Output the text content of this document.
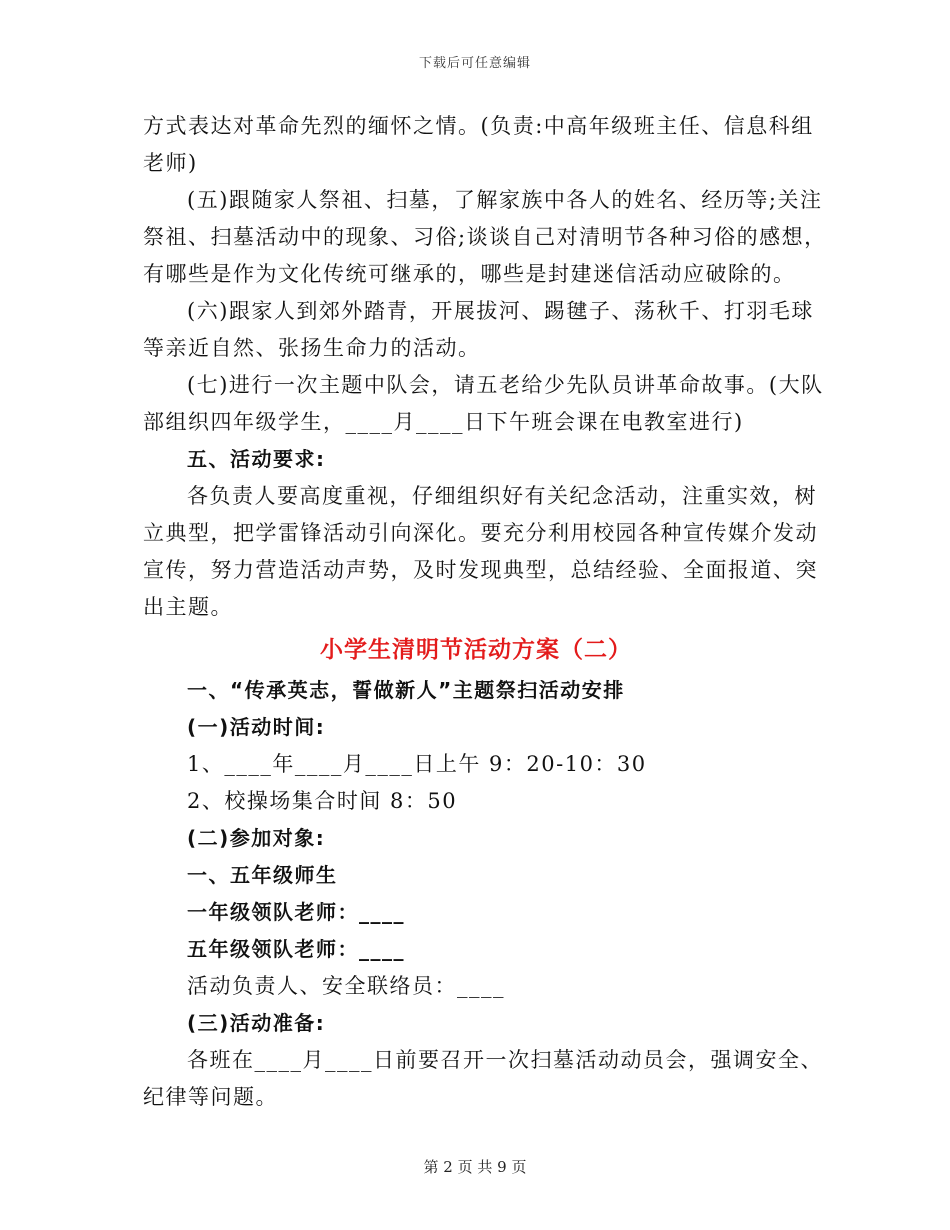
下载后可任意编辑

方式表达对革命先烈的缅怀之情。(负责:中高年级班主任、信息科组

老师)

(五)跟随家人祭祖、扫墓，了解家族中各人的姓名、经历等;关注

祭祖、扫墓活动中的现象、习俗;谈谈自己对清明节各种习俗的感想，

有哪些是作为文化传统可继承的，哪些是封建迷信活动应破除的。

(六)跟家人到郊外踏青，开展拔河、踢毽子、荡秋千、打羽毛球

等亲近自然、张扬生命力的活动。

(七)进行一次主题中队会，请五老给少先队员讲革命故事。(大队

部组织四年级学生，____月____日下午班会课在电教室进行)

五、活动要求:

各负责人要高度重视，仔细组织好有关纪念活动，注重实效，树

立典型，把学雷锋活动引向深化。要充分利用校园各种宣传媒介发动

宣传，努力营造活动声势，及时发现典型，总结经验、全面报道、突

出主题。

小学生清明节活动方案（二）

一、“传承英志，誓做新人”主题祭扫活动安排

(一)活动时间:

1、____年____月____日上午 9：20-10：30

2、校操场集合时间 8：50

(二)参加对象:

一、五年级师生

一年级领队老师：____

五年级领队老师：____

活动负责人、安全联络员：____

(三)活动准备:

各班在____月____日前要召开一次扫墓活动动员会，强调安全、

纪律等问题。

第 2 页 共 9 页
